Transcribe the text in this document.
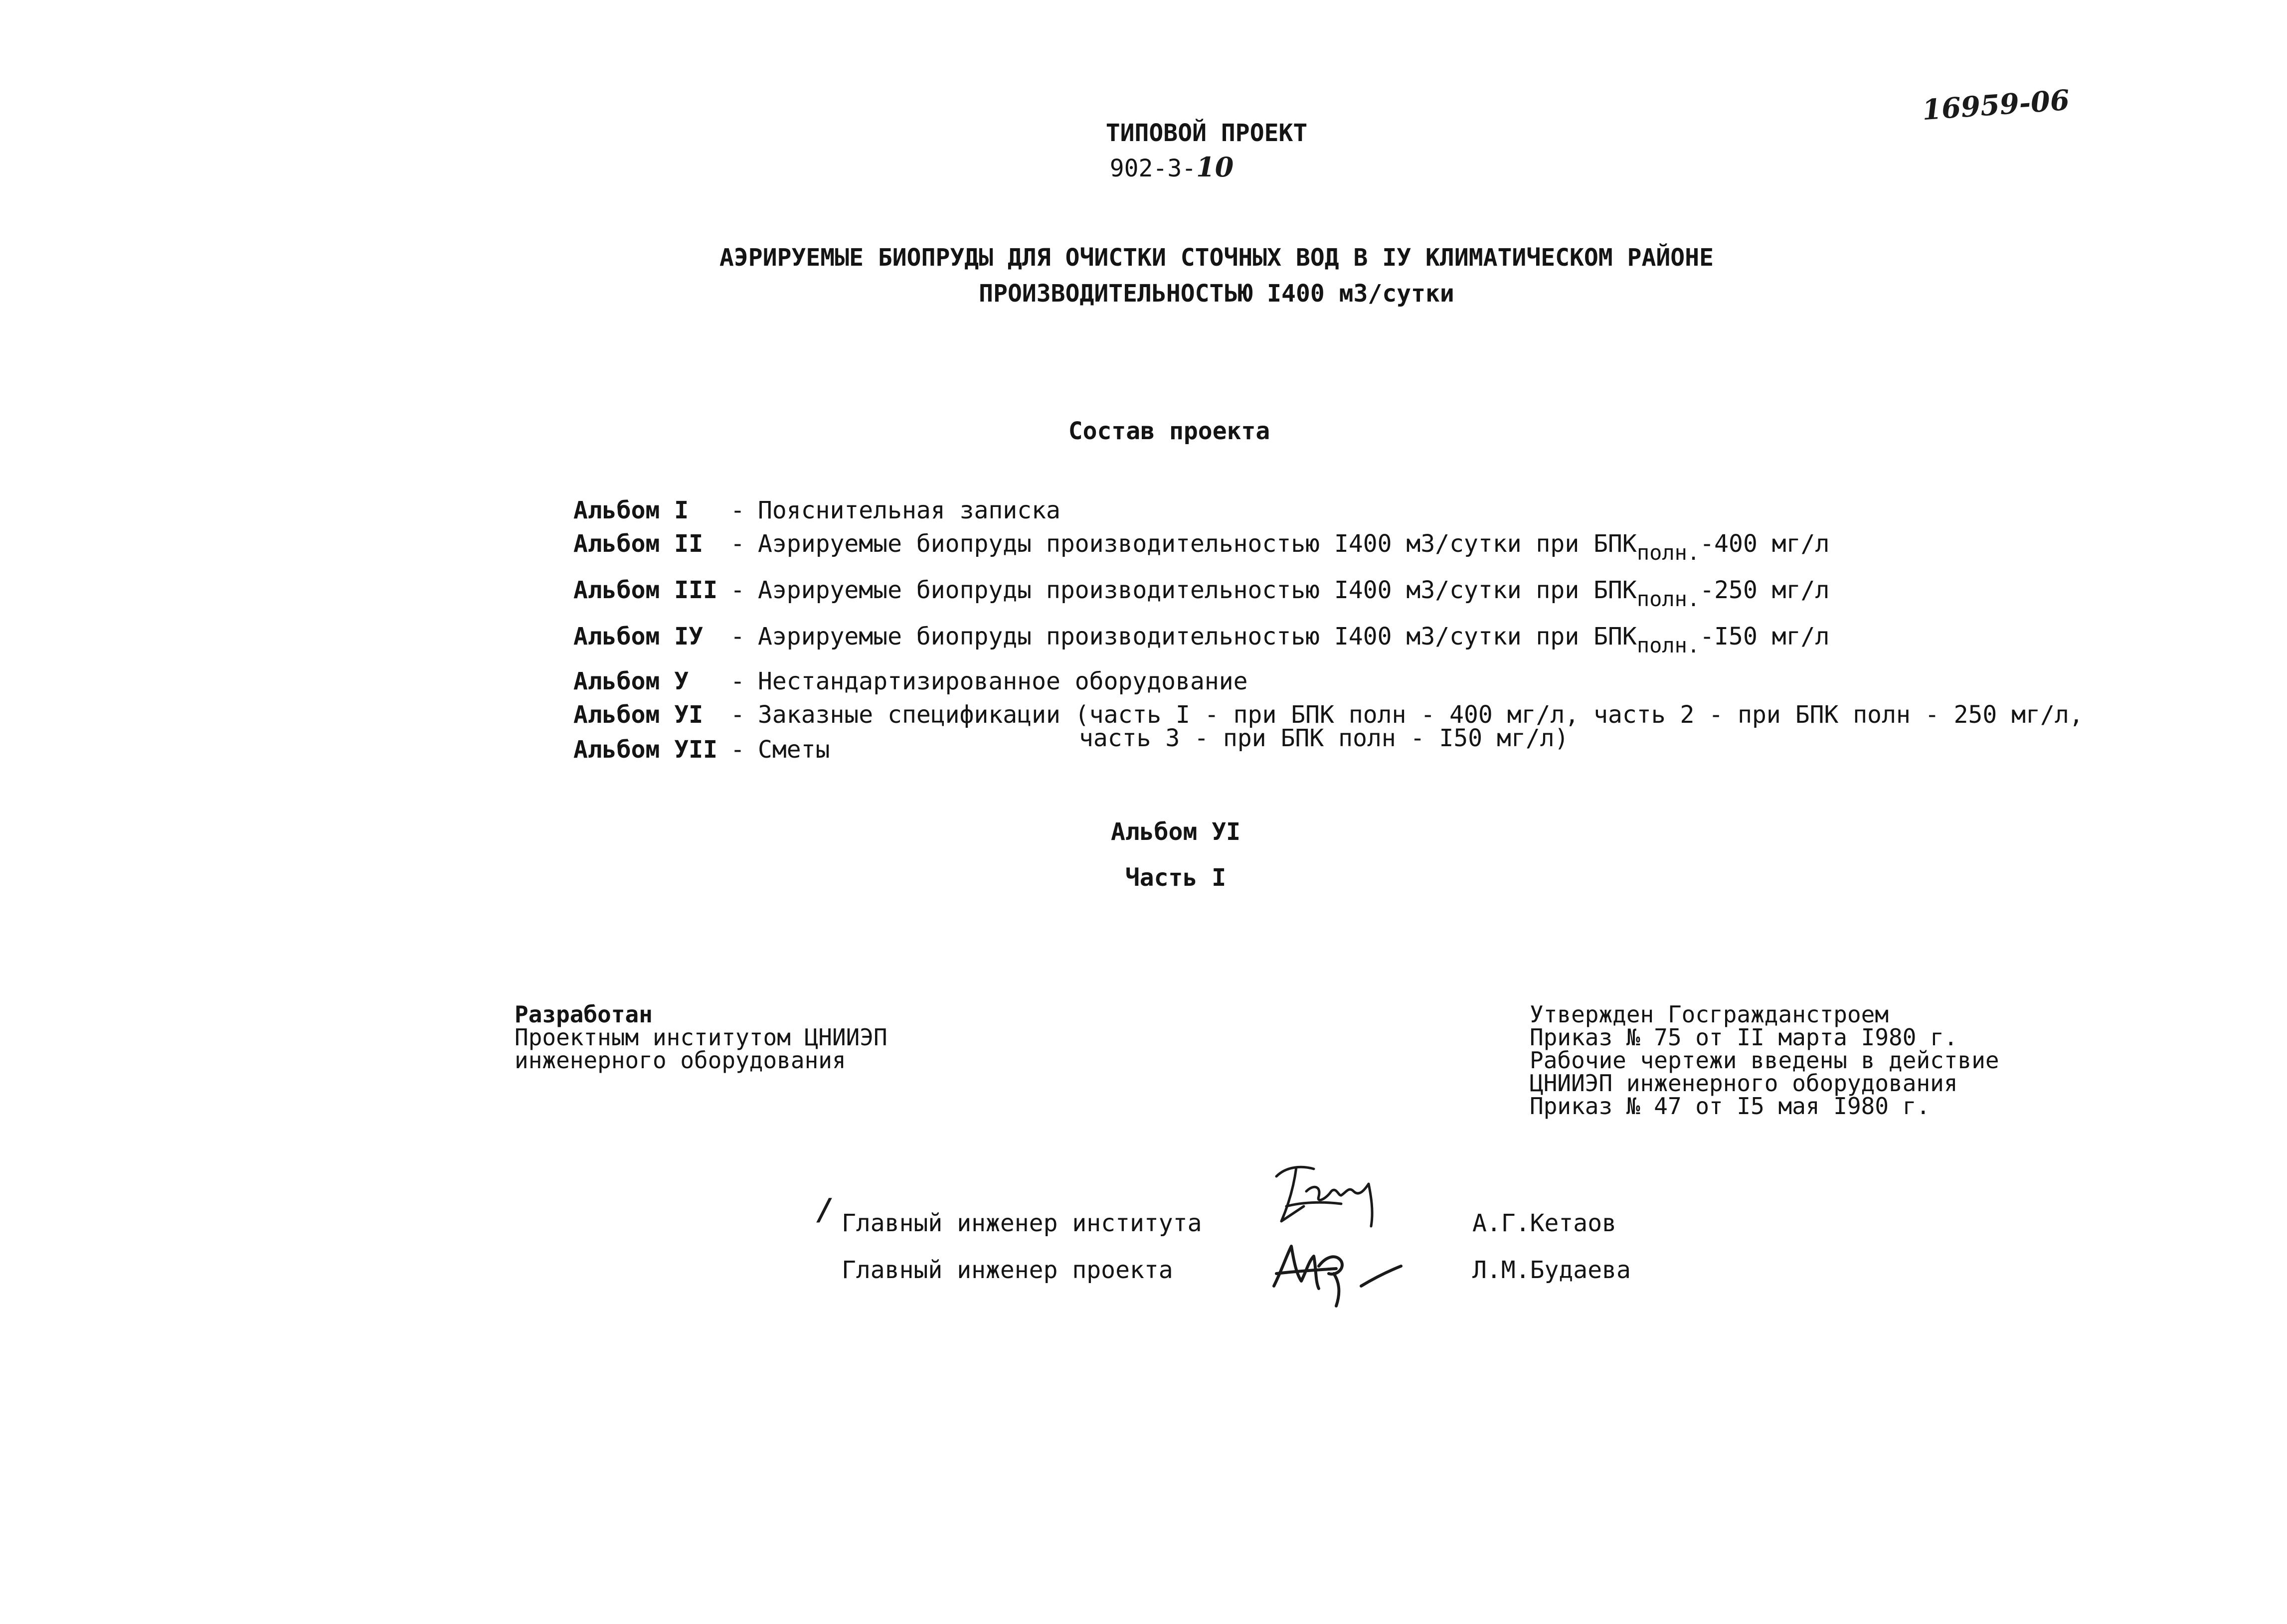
16959-06
ТИПОВОЙ ПРОЕКТ
902-3-10
АЭРИРУЕМЫЕ БИОПРУДЫ ДЛЯ ОЧИСТКИ СТОЧНЫХ ВОД В IУ КЛИМАТИЧЕСКОМ РАЙОНЕ
ПРОИЗВОДИТЕЛЬНОСТЬЮ I400 м3/сутки
Состав проекта
Альбом I - Пояснительная записка
Альбом II - Аэрируемые биопруды производительностью I400 м3/сутки при БПКполн.-400 мг/л
Альбом III - Аэрируемые биопруды производительностью I400 м3/сутки при БПКполн.-250 мг/л
Альбом IУ - Аэрируемые биопруды производительностью I400 м3/сутки при БПКполн.-I50 мг/л
Альбом У - Нестандартизированное оборудование
Альбом УI - Заказные спецификации (часть I - при БПК полн - 400 мг/л, часть 2 - при БПК полн - 250 мг/л,
часть 3 - при БПК полн - I50 мг/л)
Альбом УII - Сметы
Альбом УI
Часть I
Разработан
Проектным институтом ЦНИИЭП
инженерного оборудования
Утвержден Госгражданстроем
Приказ № 75 от II марта I980 г.
Рабочие чертежи введены в действие
ЦНИИЭП инженерного оборудования
Приказ № 47 от I5 мая I980 г.
/ Главный инженер института
Главный инженер проекта
А.Г.Кетаов
Л.М.Будаева
